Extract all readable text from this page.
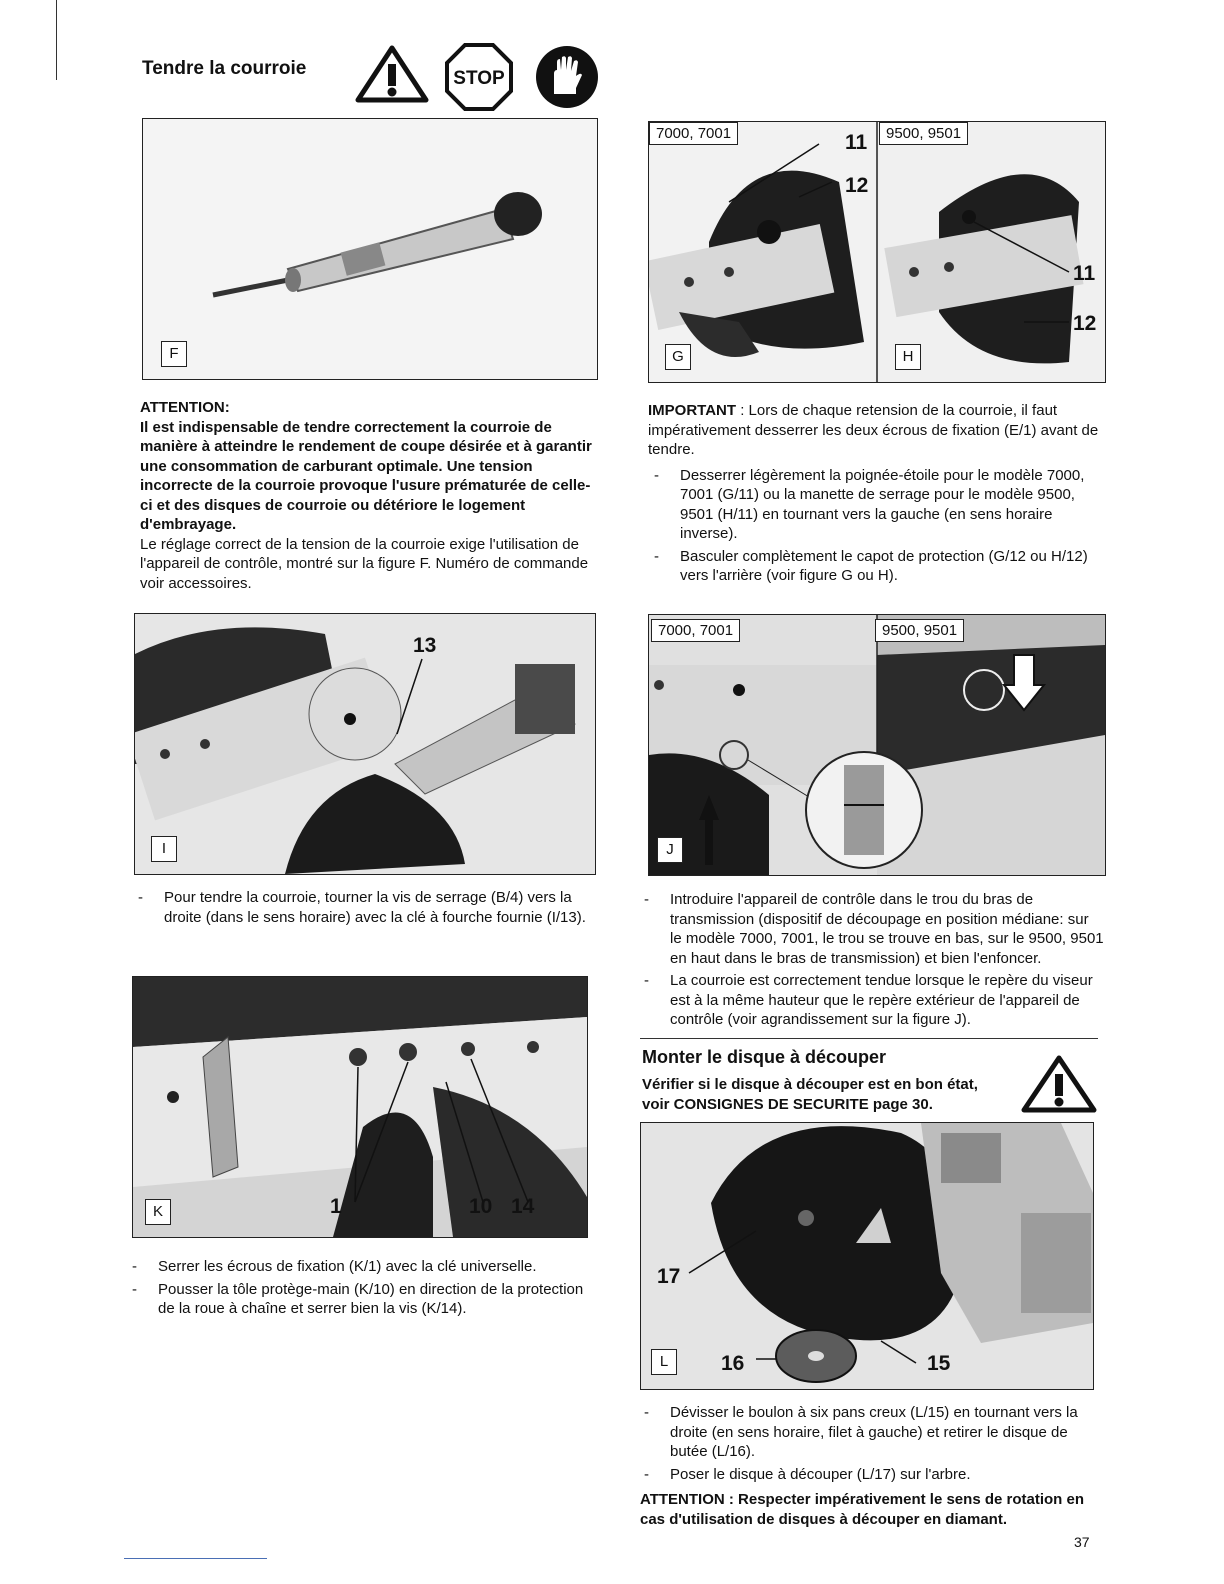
Tendre la courroie	STOP
F
7000, 7001	9500, 9501
11
12
11
12
G	H

ATTENTION:

Il est indispensable de tendre correctement la courroie de manière à atteindre le rendement de coupe désirée et à garantir une consommation de carburant optimale. Une tension incorrecte de la courroie provoque l'usure prématurée de celle-ci et des disques de courroie ou détériore le logement d'embrayage.

Le réglage correct de la tension de la courroie exige l'utilisation de l'appareil de contrôle, montré sur la figure F. Numéro de commande voir accessoires.

IMPORTANT : Lors de chaque retension de la courroie, il faut impérativement desserrer les deux écrous de fixation (E/1) avant de tendre.

- Desserrer légèrement la poignée-étoile pour le modèle 7000, 7001 (G/11) ou la manette de serrage pour le modèle 9500, 9501 (H/11) en tournant vers la gauche (en sens horaire inverse).
- Basculer complètement le capot de protection (G/12 ou H/12) vers l'arrière (voir figure G ou H).
13
I
7000, 7001	9500, 9501
J
- Pour tendre la courroie, tourner la vis de serrage (B/4) vers la droite (dans le sens horaire) avec la clé à fourche fournie (I/13).
- Introduire l'appareil de contrôle dans le trou du bras de transmission (dispositif de découpage en position médiane: sur le modèle 7000, 7001, le trou se trouve en bas, sur le 9500, 9501 en haut dans le bras de transmission) et bien l'enfoncer.
- La courroie est correctement tendue lorsque le repère du viseur est à la même hauteur que le repère extérieur de l'appareil de contrôle (voir agrandissement sur la figure J).
1	10 14
K
Monter le disque à découper
Vérifier si le disque à découper est en bon état, voir CONSIGNES DE SECURITE page 30.
- Serrer les écrous de fixation (K/1) avec la clé universelle.
- Pousser la tôle protège-main (K/10) en direction de la protection de la roue à chaîne et serrer bien la vis (K/14).
17
16	15
L
- Dévisser le boulon à six pans creux (L/15) en tournant vers la droite (en sens horaire, filet à gauche) et retirer le disque de butée (L/16).
- Poser le disque à découper (L/17) sur l'arbre.
ATTENTION : Respecter impérativement le sens de rotation en cas d'utilisation de disques à découper en diamant.
37
